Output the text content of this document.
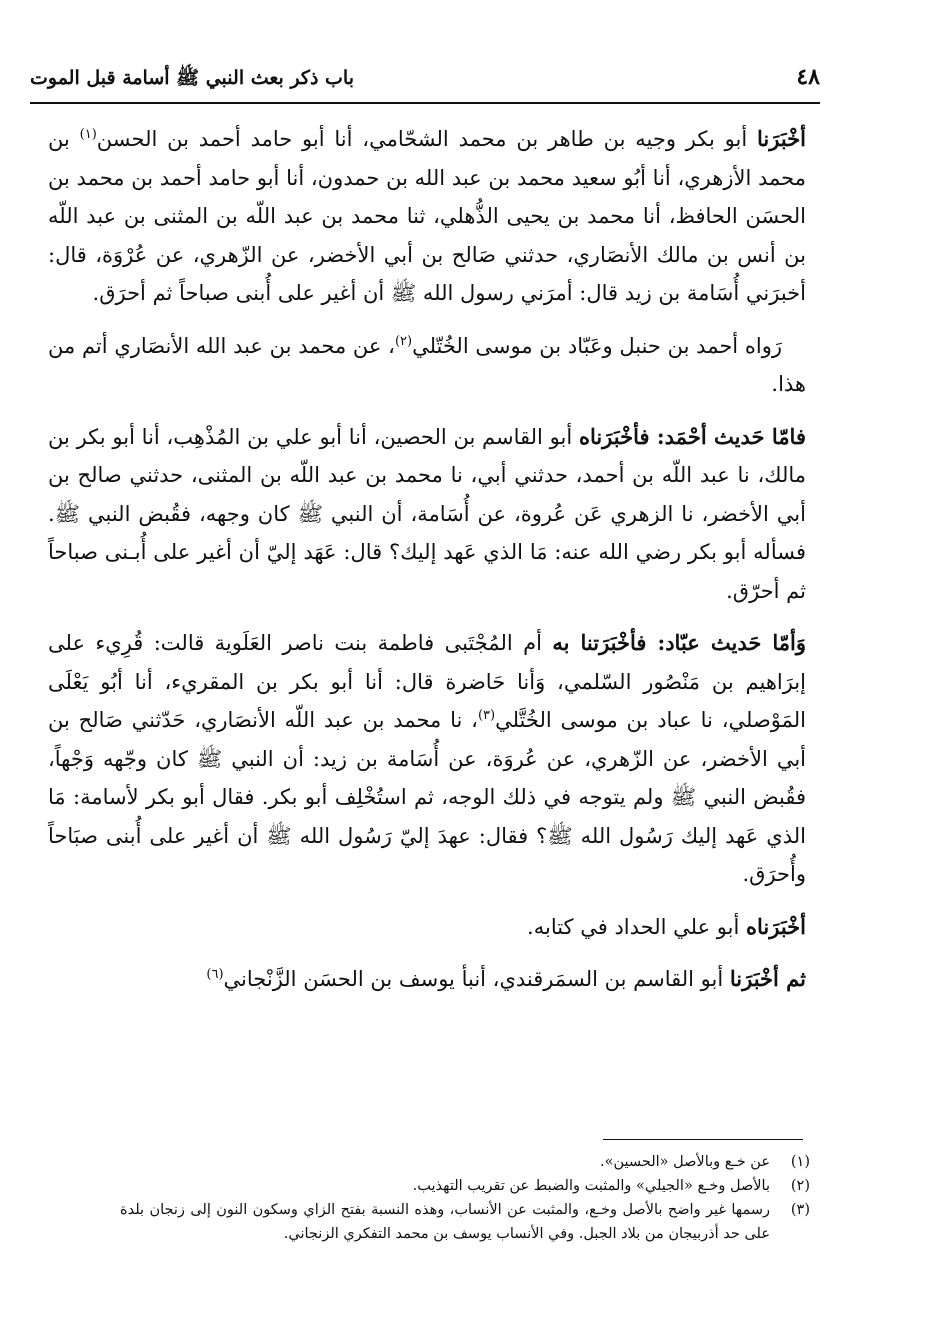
٤٨
باب ذكر بعث النبي ﷺ أسامة قبل الموت

أخْبَرَنا أبو بكر وجيه بن طاهر بن محمد الشحّامي، أنا أبو حامد أحمد بن الحسن$^{(١)}$ بن محمد الأزهري، أنا أبُو سعيد محمد بن عبد الله بن حمدون، أنا أبو حامد أحمد بن محمد بن الحسَن الحافظ، أنا محمد بن يحيى الذُّهلي، ثنا محمد بن عبد اللّه بن المثنى بن عبد اللّه بن أنس بن مالك الأنصَاري، حدثني صَالح بن أبي الأخضر، عن الزّهري، عن عُرْوَة، قال: أخبرَني أُسَامة بن زيد قال: أمرَني رسول الله ﷺ أن أغير على أُبنى صباحاً ثم أحرَق.

رَواه أحمد بن حنبل وعَبّاد بن موسى الخُتّلي$^{(٢)}$، عن محمد بن عبد الله الأنصَاري أتم من هذا.

فامّا حَديث أحْمَد: فأخْبَرَناه أبو القاسم بن الحصين، أنا أبو علي بن المُذْهِب، أنا أبو بكر بن مالك، نا عبد اللّه بن أحمد، حدثني أبي، نا محمد بن عبد اللّه بن المثنى، حدثني صالح بن أبي الأخضر، نا الزهري عَن عُروة، عن أُسَامة، أن النبي ﷺ كان وجهه، فقُبض النبي ﷺ. فسأله أبو بكر رضي الله عنه: مَا الذي عَهد إليك؟ قال: عَهَد إليّ أن أغير على أُبـنى صباحاً ثم أحرّق.

وَأمّا حَديث عبّاد: فأخْبَرَتنا به أم المُجْتَبى فاطمة بنت ناصر العَلَوية قالت: قُرِيء على إبرَاهيم بن مَنْصُور السّلمي، وَأنا حَاضرة قال: أنا أبو بكر بن المقريء، أنا أبُو يَعْلَى المَوْصلي، نا عباد بن موسى الخُتَّلي$^{(٣)}$، نا محمد بن عبد اللّه الأنصَاري، حَدّثني صَالح بن أبي الأخضر، عن الزّهري، عن عُروَة، عن أُسَامة بن زيد: أن النبي ﷺ كان وجّهه وَجْهاً، فقُبض النبي ﷺ ولم يتوجه في ذلك الوجه، ثم استُخْلِف أبو بكر. فقال أبو بكر لأسامة: مَا الذي عَهد إليك رَسُول الله ﷺ؟ فقال: عهدَ إليّ رَسُول الله ﷺ أن أغير على أُبنى صبَاحاً وأُحرَق.

أخْبَرَناه أبو علي الحداد في كتابه.

ثم أخْبَرَنا أبو القاسم بن السمَرقندي، أنبأ يوسف بن الحسَن الزَّنْجاني$^{(٦)}$

(١)
عن خـع وبالأصل «الحسين».
(٢)
بالأصل وخـع «الجيلي» والمثبت والضبط عن تقريب التهذيب.
(٣)
رسمها غير واضح بالأصل وخـع، والمثبت عن الأنساب، وهذه النسبة بفتح الزاي وسكون النون إلى زنجان بلدة على حد أذربيجان من بلاد الجبل. وفي الأنساب يوسف بن محمد التفكري الزنجاني.
